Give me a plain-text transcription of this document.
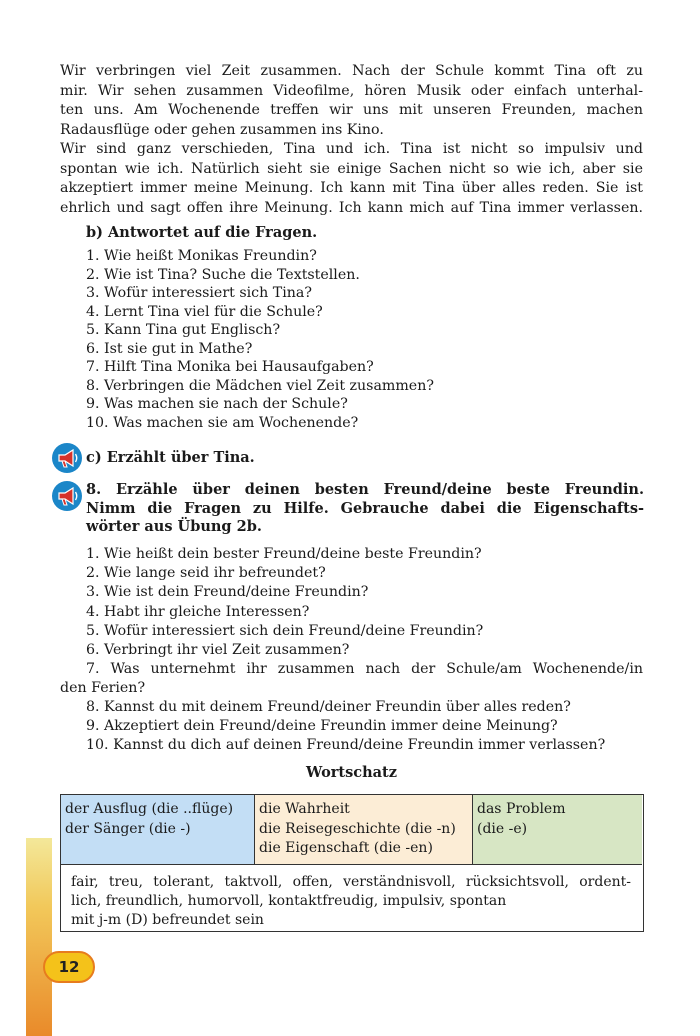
Wir verbringen viel Zeit zusammen. Nach der Schule kommt Tina oft zu
mir. Wir sehen zusammen Videofilme, hören Musik oder einfach unterhal-
ten uns. Am Wochenende treffen wir uns mit unseren Freunden, machen
Radausflüge oder gehen zusammen ins Kino.
Wir sind ganz verschieden, Tina und ich. Tina ist nicht so impulsiv und
spontan wie ich. Natürlich sieht sie einige Sachen nicht so wie ich, aber sie
akzeptiert immer meine Meinung. Ich kann mit Tina über alles reden. Sie ist
ehrlich und sagt offen ihre Meinung. Ich kann mich auf Tina immer verlassen.
b) Antwortet auf die Fragen.
1. Wie heißt Monikas Freundin?
2. Wie ist Tina? Suche die Textstellen.
3. Wofür interessiert sich Tina?
4. Lernt Tina viel für die Schule?
5. Kann Tina gut Englisch?
6. Ist sie gut in Mathe?
7. Hilft Tina Monika bei Hausaufgaben?
8. Verbringen die Mädchen viel Zeit zusammen?
9. Was machen sie nach der Schule?
10. Was machen sie am Wochenende?
c) Erzählt über Tina.
8. Erzähle über deinen besten Freund/deine beste Freundin.
Nimm die Fragen zu Hilfe. Gebrauche dabei die Eigenschafts-
wörter aus Übung 2b.
1. Wie heißt dein bester Freund/deine beste Freundin?
2. Wie lange seid ihr befreundet?
3. Wie ist dein Freund/deine Freundin?
4. Habt ihr gleiche Interessen?
5. Wofür interessiert sich dein Freund/deine Freundin?
6. Verbringt ihr viel Zeit zusammen?
7. Was unternehmt ihr zusammen nach der Schule/am Wochenende/in
den Ferien?
8. Kannst du mit deinem Freund/deiner Freundin über alles reden?
9. Akzeptiert dein Freund/deine Freundin immer deine Meinung?
10. Kannst du dich auf deinen Freund/deine Freundin immer verlassen?
Wortschatz
der Ausflug (die ..flüge)
der Sänger (die -)
die Wahrheit
die Reisegeschichte (die -n)
die Eigenschaft (die -en)
das Problem
(die -e)
fair, treu, tolerant, taktvoll, offen, verständnisvoll, rücksichtsvoll, ordent-
lich, freundlich, humorvoll, kontaktfreudig, impulsiv, spontan
mit j-m (D) befreundet sein
12
